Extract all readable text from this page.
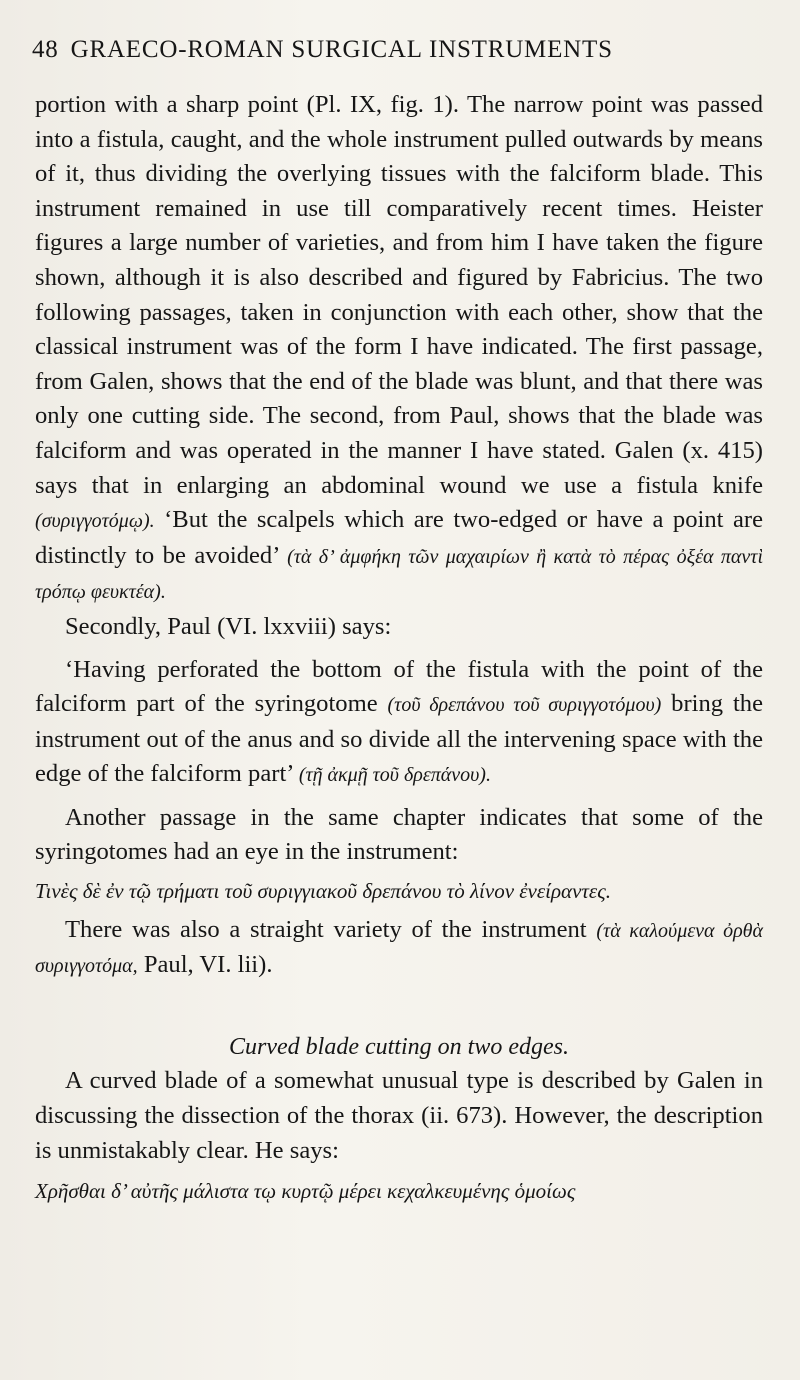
48 GRAECO-ROMAN SURGICAL INSTRUMENTS

portion with a sharp point (Pl. IX, fig. 1). The narrow point was passed into a fistula, caught, and the whole instrument pulled outwards by means of it, thus dividing the overlying tissues with the falciform blade. This instrument remained in use till comparatively recent times. Heister figures a large number of varieties, and from him I have taken the figure shown, although it is also described and figured by Fabricius. The two following passages, taken in conjunction with each other, show that the classical instrument was of the form I have indicated. The first passage, from Galen, shows that the end of the blade was blunt, and that there was only one cutting side. The second, from Paul, shows that the blade was falciform and was operated in the manner I have stated. Galen (x. 415) says that in enlarging an abdominal wound we use a fistula knife (συριγγοτόμῳ). ‘But the scalpels which are two-edged or have a point are distinctly to be avoided’ (τὰ δ’ ἀμφήκη τῶν μαχαιρίων ἢ κατὰ τὸ πέρας ὀξέα παντὶ τρόπῳ φευκτέα).

Secondly, Paul (VI. lxxviii) says:

‘Having perforated the bottom of the fistula with the point of the falciform part of the syringotome (τοῦ δρεπάνου τοῦ συριγγοτόμου) bring the instrument out of the anus and so divide all the intervening space with the edge of the falciform part’ (τῇ ἀκμῇ τοῦ δρεπάνου).

Another passage in the same chapter indicates that some of the syringotomes had an eye in the instrument:

Τινὲς δὲ ἐν τῷ τρήματι τοῦ συριγγιακοῦ δρεπάνου τὸ λίνον ἐνείραντες.

There was also a straight variety of the instrument (τὰ καλούμενα ὀρθὰ συριγγοτόμα, Paul, VI. lii).

Curved blade cutting on two edges.

A curved blade of a somewhat unusual type is described by Galen in discussing the dissection of the thorax (ii. 673). However, the description is unmistakably clear. He says:

Χρῆσθαι δ’ αὐτῆς μάλιστα τῳ κυρτῷ μέρει κεχαλκευμένης ὁμοίως
